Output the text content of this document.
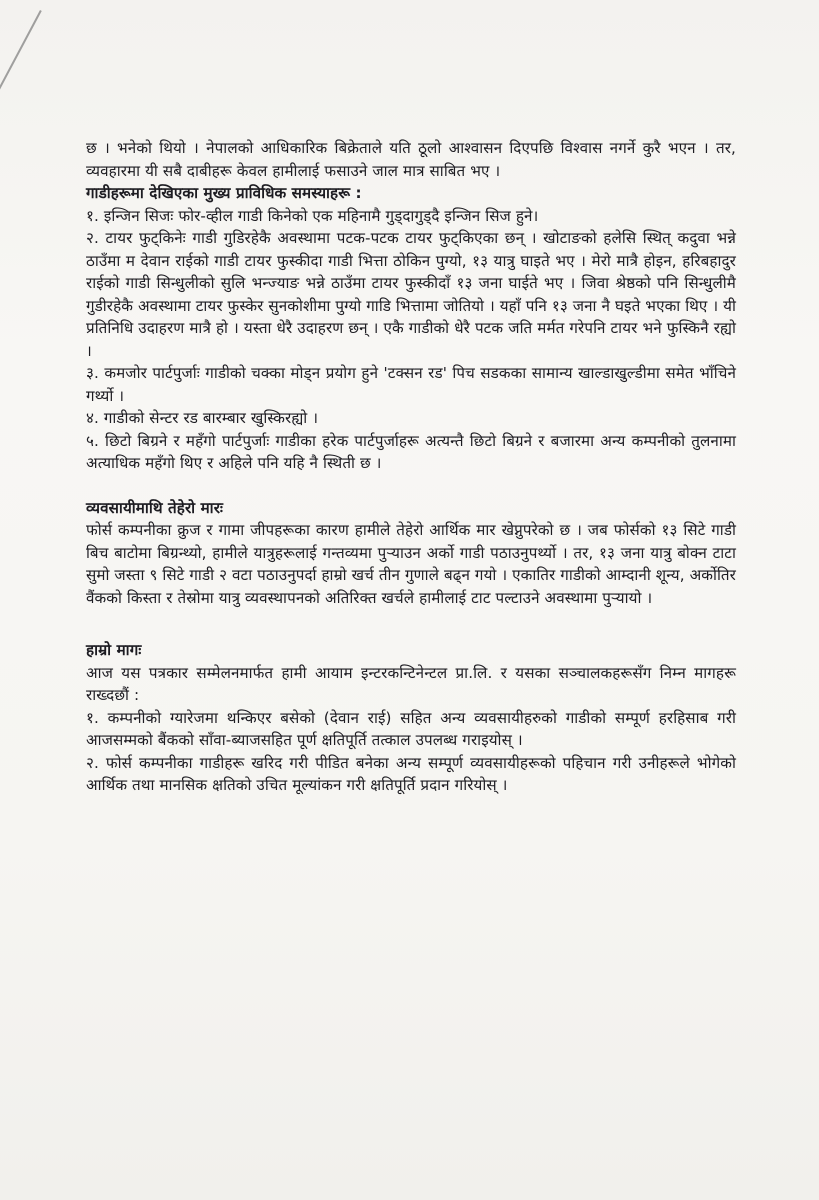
छ । भनेको थियो । नेपालको आधिकारिक बिक्रेताले यति ठूलो आश्वासन दिएपछि विश्वास नगर्ने कुरै भएन । तर, व्यवहारमा यी सबै दाबीहरू केवल हामीलाई फसाउने जाल मात्र साबित भए ।

गाडीहरूमा देखिएका मुख्य प्राविधिक समस्याहरू :

१. इन्जिन सिजः फोर-व्हील गाडी किनेको एक महिनामै गुड्दागुड्दै इन्जिन सिज हुने।

२. टायर फुट्किनेः गाडी गुडिरहेकै अवस्थामा पटक-पटक टायर फुट्किएका छन् । खोटाङको हलेसि स्थित् कदुवा भन्ने ठाउँमा म देवान राईको गाडी टायर फुस्कीदा गाडी भित्ता ठोकिन पुग्यो, १३ यात्रु घाइते भए । मेरो मात्रै होइन, हरिबहादुर राईको गाडी सिन्धुलीको सुलि भन्ज्याङ भन्ने ठाउँमा टायर फुस्कीदाँ १३ जना घाईते भए । जिवा श्रेष्ठको पनि सिन्धुलीमै गुडीरहेकै अवस्थामा टायर फुस्केर सुनकोशीमा पुग्यो गाडि भित्तामा जोतियो । यहाँ पनि १३ जना नै घइते भएका थिए । यी प्रतिनिधि उदाहरण मात्रै हो । यस्ता धेरै उदाहरण छन् । एकै गाडीको धेरै पटक जति मर्मत गरेपनि टायर भने फुस्किनै रह्यो ।

३. कमजोर पार्टपुर्जाः गाडीको चक्का मोड्न प्रयोग हुने 'टक्सन रड' पिच सडकका सामान्य खाल्डाखुल्डीमा समेत भाँचिने गर्थ्यो ।

४. गाडीको सेन्टर रड बारम्बार खुस्किरह्यो ।

५. छिटो बिग्रने र महँगो पार्टपुर्जाः गाडीका हरेक पार्टपुर्जाहरू अत्यन्तै छिटो बिग्रने र बजारमा अन्य कम्पनीको तुलनामा अत्याधिक महँगो थिए र अहिले पनि यहि नै स्थिती छ ।

व्यवसायीमाथि तेहेरो मारः

फोर्स कम्पनीका क्रुज र गामा जीपहरूका कारण हामीले तेहेरो आर्थिक मार खेप्नुपरेको छ । जब फोर्सको १३ सिटे गाडी बिच बाटोमा बिग्रन्थ्यो, हामीले यात्रुहरूलाई गन्तव्यमा पुऱ्याउन अर्को गाडी पठाउनुपर्थ्यो । तर, १३ जना यात्रु बोक्न टाटा सुमो जस्ता ९ सिटे गाडी २ वटा पठाउनुपर्दा हाम्रो खर्च तीन गुणाले बढ्न गयो । एकातिर गाडीको आम्दानी शून्य, अर्कोतिर वैंकको किस्ता र तेस्रोमा यात्रु व्यवस्थापनको अतिरिक्त खर्चले हामीलाई टाट पल्टाउने अवस्थामा पुऱ्यायो ।

हाम्रो मागः

आज यस पत्रकार सम्मेलनमार्फत हामी आयाम इन्टरकन्टिनेन्टल प्रा.लि. र यसका सञ्चालकहरूसँग निम्न मागहरू राख्दछौं :

१. कम्पनीको ग्यारेजमा थन्किएर बसेको (देवान राई) सहित अन्य व्यवसायीहरुको गाडीको सम्पूर्ण हरहिसाब गरी आजसम्मको बैंकको साँवा-ब्याजसहित पूर्ण क्षतिपूर्ति तत्काल उपलब्ध गराइयोस् ।

२. फोर्स कम्पनीका गाडीहरू खरिद गरी पीडित बनेका अन्य सम्पूर्ण व्यवसायीहरूको पहिचान गरी उनीहरूले भोगेको आर्थिक तथा मानसिक क्षतिको उचित मूल्यांकन गरी क्षतिपूर्ति प्रदान गरियोस् ।
